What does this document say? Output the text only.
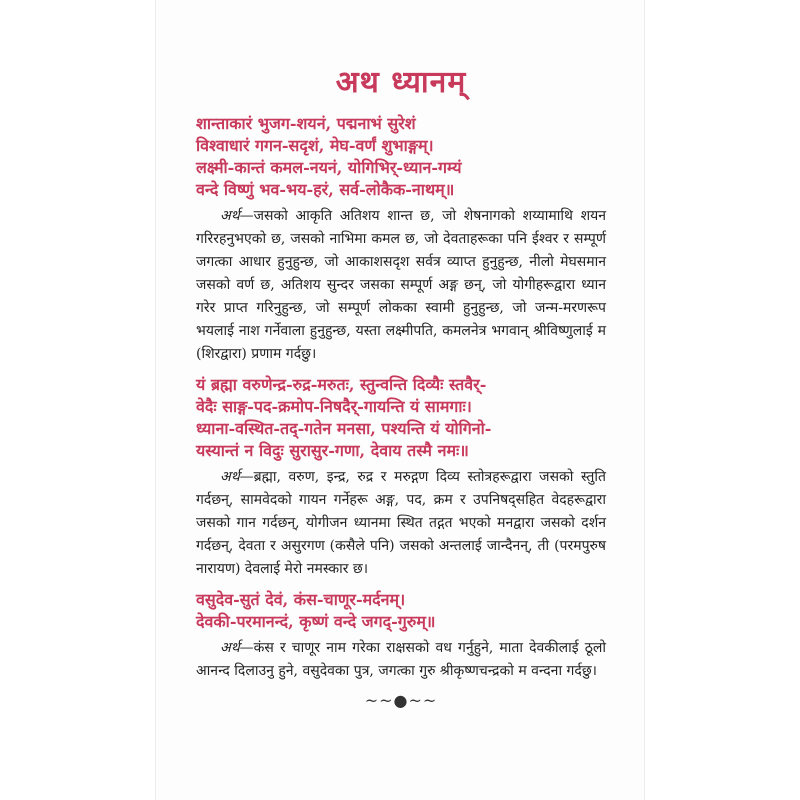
अथ ध्यानम्
शान्ताकारं भुजग-शयनं, पद्मनाभं सुरेशं
विश्वाधारं गगन-सदृशं, मेघ-वर्णं शुभाङ्गम्।
लक्ष्मी-कान्तं कमल-नयनं, योगिभिर्-ध्यान-गम्यं
वन्दे विष्णुं भव-भय-हरं, सर्व-लोकैक-नाथम्॥

अर्थ—जसको आकृति अतिशय शान्त छ, जो शेषनागको शय्यामाथि शयन गरिरहनुभएको छ, जसको नाभिमा कमल छ, जो देवताहरूका पनि ईश्वर र सम्पूर्ण जगत्का आधार हुनुहुन्छ, जो आकाशसदृश सर्वत्र व्याप्त हुनुहुन्छ, नीलो मेघसमान जसको वर्ण छ, अतिशय सुन्दर जसका सम्पूर्ण अङ्ग छन्, जो योगीहरूद्वारा ध्यान गरेर प्राप्त गरिनुहुन्छ, जो सम्पूर्ण लोकका स्वामी हुनुहुन्छ, जो जन्म-मरणरूप भयलाई नाश गर्नेवाला हुनुहुन्छ, यस्ता लक्ष्मीपति, कमलनेत्र भगवान् श्रीविष्णुलाई म (शिरद्वारा) प्रणाम गर्दछु।

यं ब्रह्मा वरुणेन्द्र-रुद्र-मरुतः, स्तुन्वन्ति दिव्यैः स्तवैर्-
वेदैः साङ्ग-पद-क्रमोप-निषदैर्-गायन्ति यं सामगाः।
ध्याना-वस्थित-तद्-गतेन मनसा, पश्यन्ति यं योगिनो-
यस्यान्तं न विदुः सुरासुर-गणा, देवाय तस्मै नमः॥

अर्थ—ब्रह्मा, वरुण, इन्द्र, रुद्र र मरुद्गण दिव्य स्तोत्रहरूद्वारा जसको स्तुति गर्दछन्, सामवेदको गायन गर्नेहरू अङ्ग, पद, क्रम र उपनिषद्सहित वेदहरूद्वारा जसको गान गर्दछन्, योगीजन ध्यानमा स्थित तद्गत भएको मनद्वारा जसको दर्शन गर्दछन्, देवता र असुरगण (कसैले पनि) जसको अन्तलाई जान्दैनन्, ती (परमपुरुष नारायण) देवलाई मेरो नमस्कार छ।

वसुदेव-सुतं देवं, कंस-चाणूर-मर्दनम्।
देवकी-परमानन्दं, कृष्णं वन्दे जगद्-गुरुम्॥

अर्थ—कंस र चाणूर नाम गरेका राक्षसको वध गर्नुहुने, माता देवकीलाई ठूलो आनन्द दिलाउनु हुने, वसुदेवका पुत्र, जगत्का गुरु श्रीकृष्णचन्द्रको म वन्दना गर्दछु।

~~●~~
